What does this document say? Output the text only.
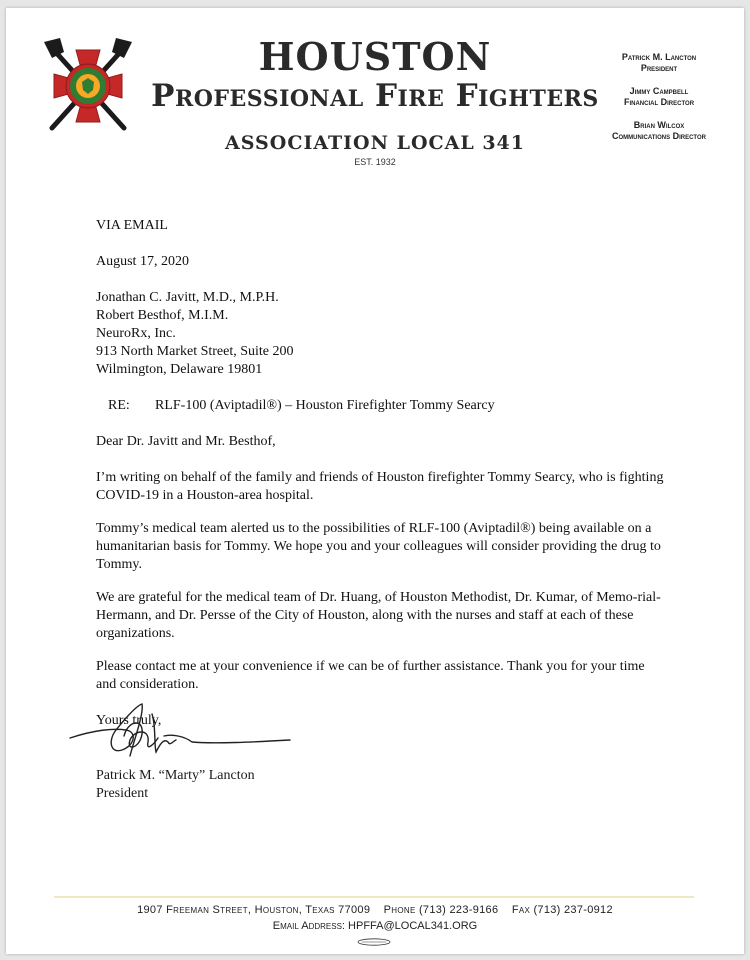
HOUSTON
Professional Fire Fighters
ASSOCIATION LOCAL 341
EST. 1932
Patrick M. Lancton
President
Jimmy Campbell
Financial Director
Brian Wilcox
Communications Director

VIA EMAIL

August 17, 2020

Jonathan C. Javitt, M.D., M.P.H.

Robert Besthof, M.I.M.

NeuroRx, Inc.

913 North Market Street, Suite 200

Wilmington, Delaware 19801

RE: RLF-100 (Aviptadil®) – Houston Firefighter Tommy Searcy

Dear Dr. Javitt and Mr. Besthof,

I’m writing on behalf of the family and friends of Houston firefighter Tommy Searcy, who is fighting COVID-19 in a Houston-area hospital.

Tommy’s medical team alerted us to the possibilities of RLF-100 (Aviptadil®) being available on a humanitarian basis for Tommy. We hope you and your colleagues will consider providing the drug to Tommy.

We are grateful for the medical team of Dr. Huang, of Houston Methodist, Dr. Kumar, of Memo-rial-Hermann, and Dr. Persse of the City of Houston, along with the nurses and staff at each of these organizations.

Please contact me at your convenience if we can be of further assistance. Thank you for your time and consideration.

Yours truly,

Patrick M. “Marty” Lancton
President
1907 Freeman Street, Houston, Texas 77009    Phone (713) 223-9166    Fax (713) 237-0912
Email Address: HPFFA@LOCAL341.ORG
